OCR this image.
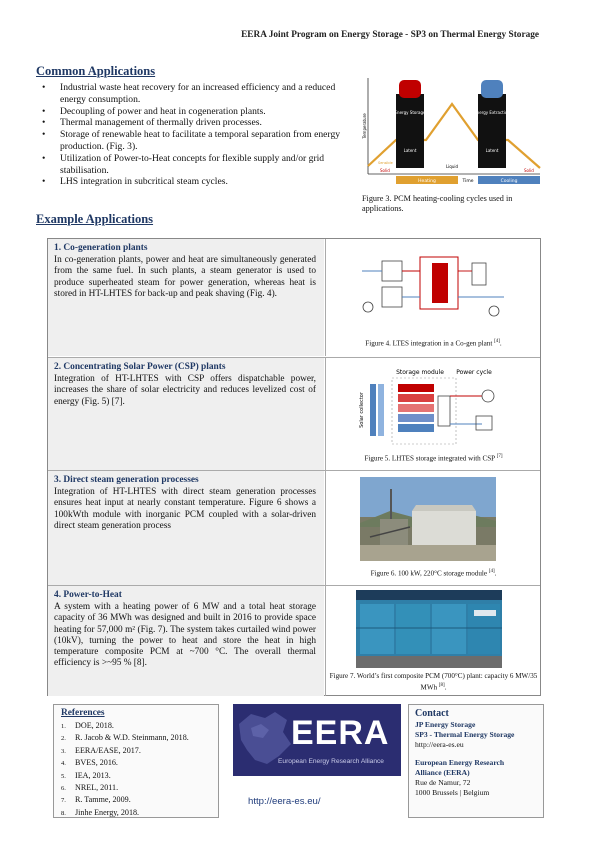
EERA Joint Program on Energy Storage - SP3 on Thermal Energy Storage
Common Applications
• Industrial waste heat recovery for an increased efficiency and a reduced energy consumption.
• Decoupling of power and heat in cogeneration plants.
• Thermal management of thermally driven processes.
• Storage of renewable heat to facilitate a temporal separation from energy production. (Fig. 3).
• Utilization of Power-to-Heat concepts for flexible supply and/or grid stabilisation.
• LHS integration in subcritical steam cycles.
Temperature
Energy Storage	Energy Extraction
Latent	Latent
Sensible
Solid	Solid
Liquid
Heating	Time	Cooling
Figure 3. PCM heating-cooling cycles used in applications.
Example Applications
1. Co-generation plants
In co-generation plants, power and heat are simultaneously generated from the same fuel. In such plants, a steam generator is used to produce superheated steam for power generation, whereas heat is stored in HT-LHTES for back-up and peak shaving (Fig. 4).
Figure 4. LTES integration in a Co-gen plant [4].
2. Concentrating Solar Power (CSP) plants
Integration of HT-LHTES with CSP offers dispatchable power, increases the share of solar electricity and reduces levelized cost of energy (Fig. 5) [7].
Storage module Power cycle
Solar collector
Figure 5. LHTES storage integrated with CSP [7]
3. Direct steam generation processes
Integration of HT-LHTES with direct steam generation processes ensures heat input at nearly constant temperature. Figure 6 shows a 100kWth module with inorganic PCM coupled with a solar-driven direct steam generation process
Figure 6. 100 kW, 220°C storage module [4].
4. Power-to-Heat
A system with a heating power of 6 MW and a total heat storage capacity of 36 MWh was designed and built in 2016 to provide space heating for 57,000 m² (Fig. 7). The system takes curtailed wind power (10kV), turning the power to heat and store the heat in high temperature composite PCM at ~700 °C. The overall thermal efficiency is >~95 % [8].
Figure 7. World’s first composite PCM (700°C) plant: capacity 6 MW/35 MWh [8].
References
1. DOE, 2018.
2. R. Jacob & W.D. Steinmann, 2018.
3. EERA/EASE, 2017.
4. BVES, 2016.
5. IEA, 2013.
6. NREL, 2011.
7. R. Tamme, 2009.
8. Jinhe Energy, 2018.
EERA
European Energy Research Alliance
http://eera-es.eu/
Contact
JP Energy Storage
SP3 - Thermal Energy Storage
http://eera-es.eu
European Energy Research
Alliance (EERA)
Rue de Namur, 72
1000 Brussels | Belgium
